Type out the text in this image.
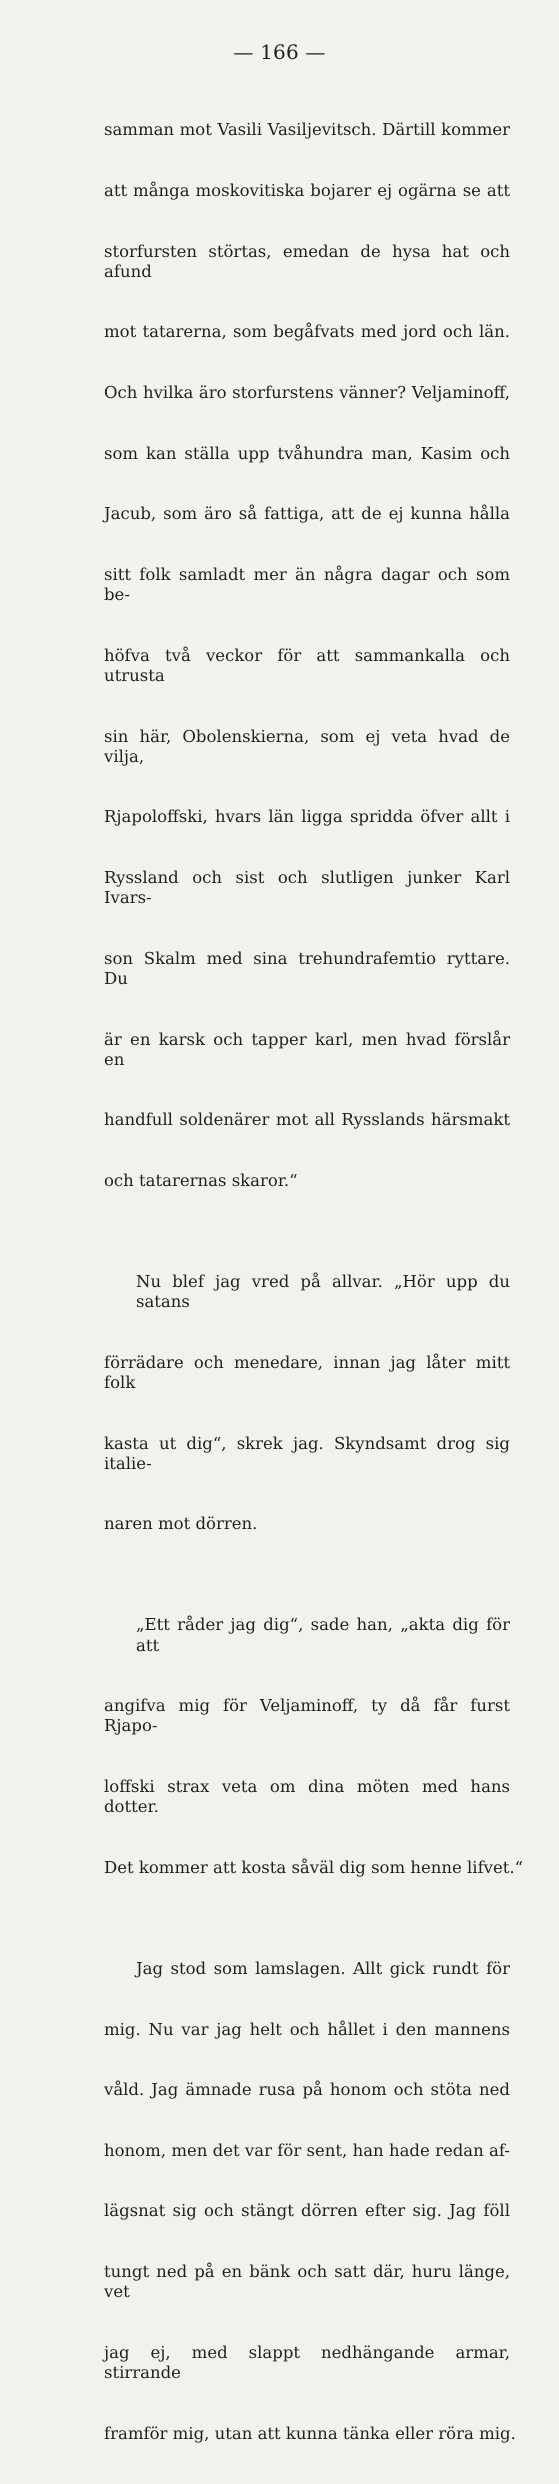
— 166 —

samman mot Vasili Vasiljevitsch. Därtill kommer

att många moskovitiska bojarer ej ogärna se att

storfursten störtas, emedan de hysa hat och afund

mot tatarerna, som begåfvats med jord och län.

Och hvilka äro storfurstens vänner? Veljaminoff,

som kan ställa upp tvåhundra man, Kasim och

Jacub, som äro så fattiga, att de ej kunna hålla

sitt folk samladt mer än några dagar och som be-

höfva två veckor för att sammankalla och utrusta

sin här, Obolenskierna, som ej veta hvad de vilja,

Rjapoloffski, hvars län ligga spridda öfver allt i

Ryssland och sist och slutligen junker Karl Ivars-

son Skalm med sina trehundrafemtio ryttare. Du

är en karsk och tapper karl, men hvad förslår en

handfull soldenärer mot all Rysslands härsmakt

och tatarernas skaror.“

Nu blef jag vred på allvar. „Hör upp du satans

förrädare och menedare, innan jag låter mitt folk

kasta ut dig“, skrek jag. Skyndsamt drog sig italie-

naren mot dörren.

„Ett råder jag dig“, sade han, „akta dig för att

angifva mig för Veljaminoff, ty då får furst Rjapo-

loffski strax veta om dina möten med hans dotter.

Det kommer att kosta såväl dig som henne lifvet.“

Jag stod som lamslagen. Allt gick rundt för

mig. Nu var jag helt och hållet i den mannens

våld. Jag ämnade rusa på honom och stöta ned

honom, men det var för sent, han hade redan af-

lägsnat sig och stängt dörren efter sig. Jag föll

tungt ned på en bänk och satt där, huru länge, vet

jag ej, med slappt nedhängande armar, stirrande

framför mig, utan att kunna tänka eller röra mig.
